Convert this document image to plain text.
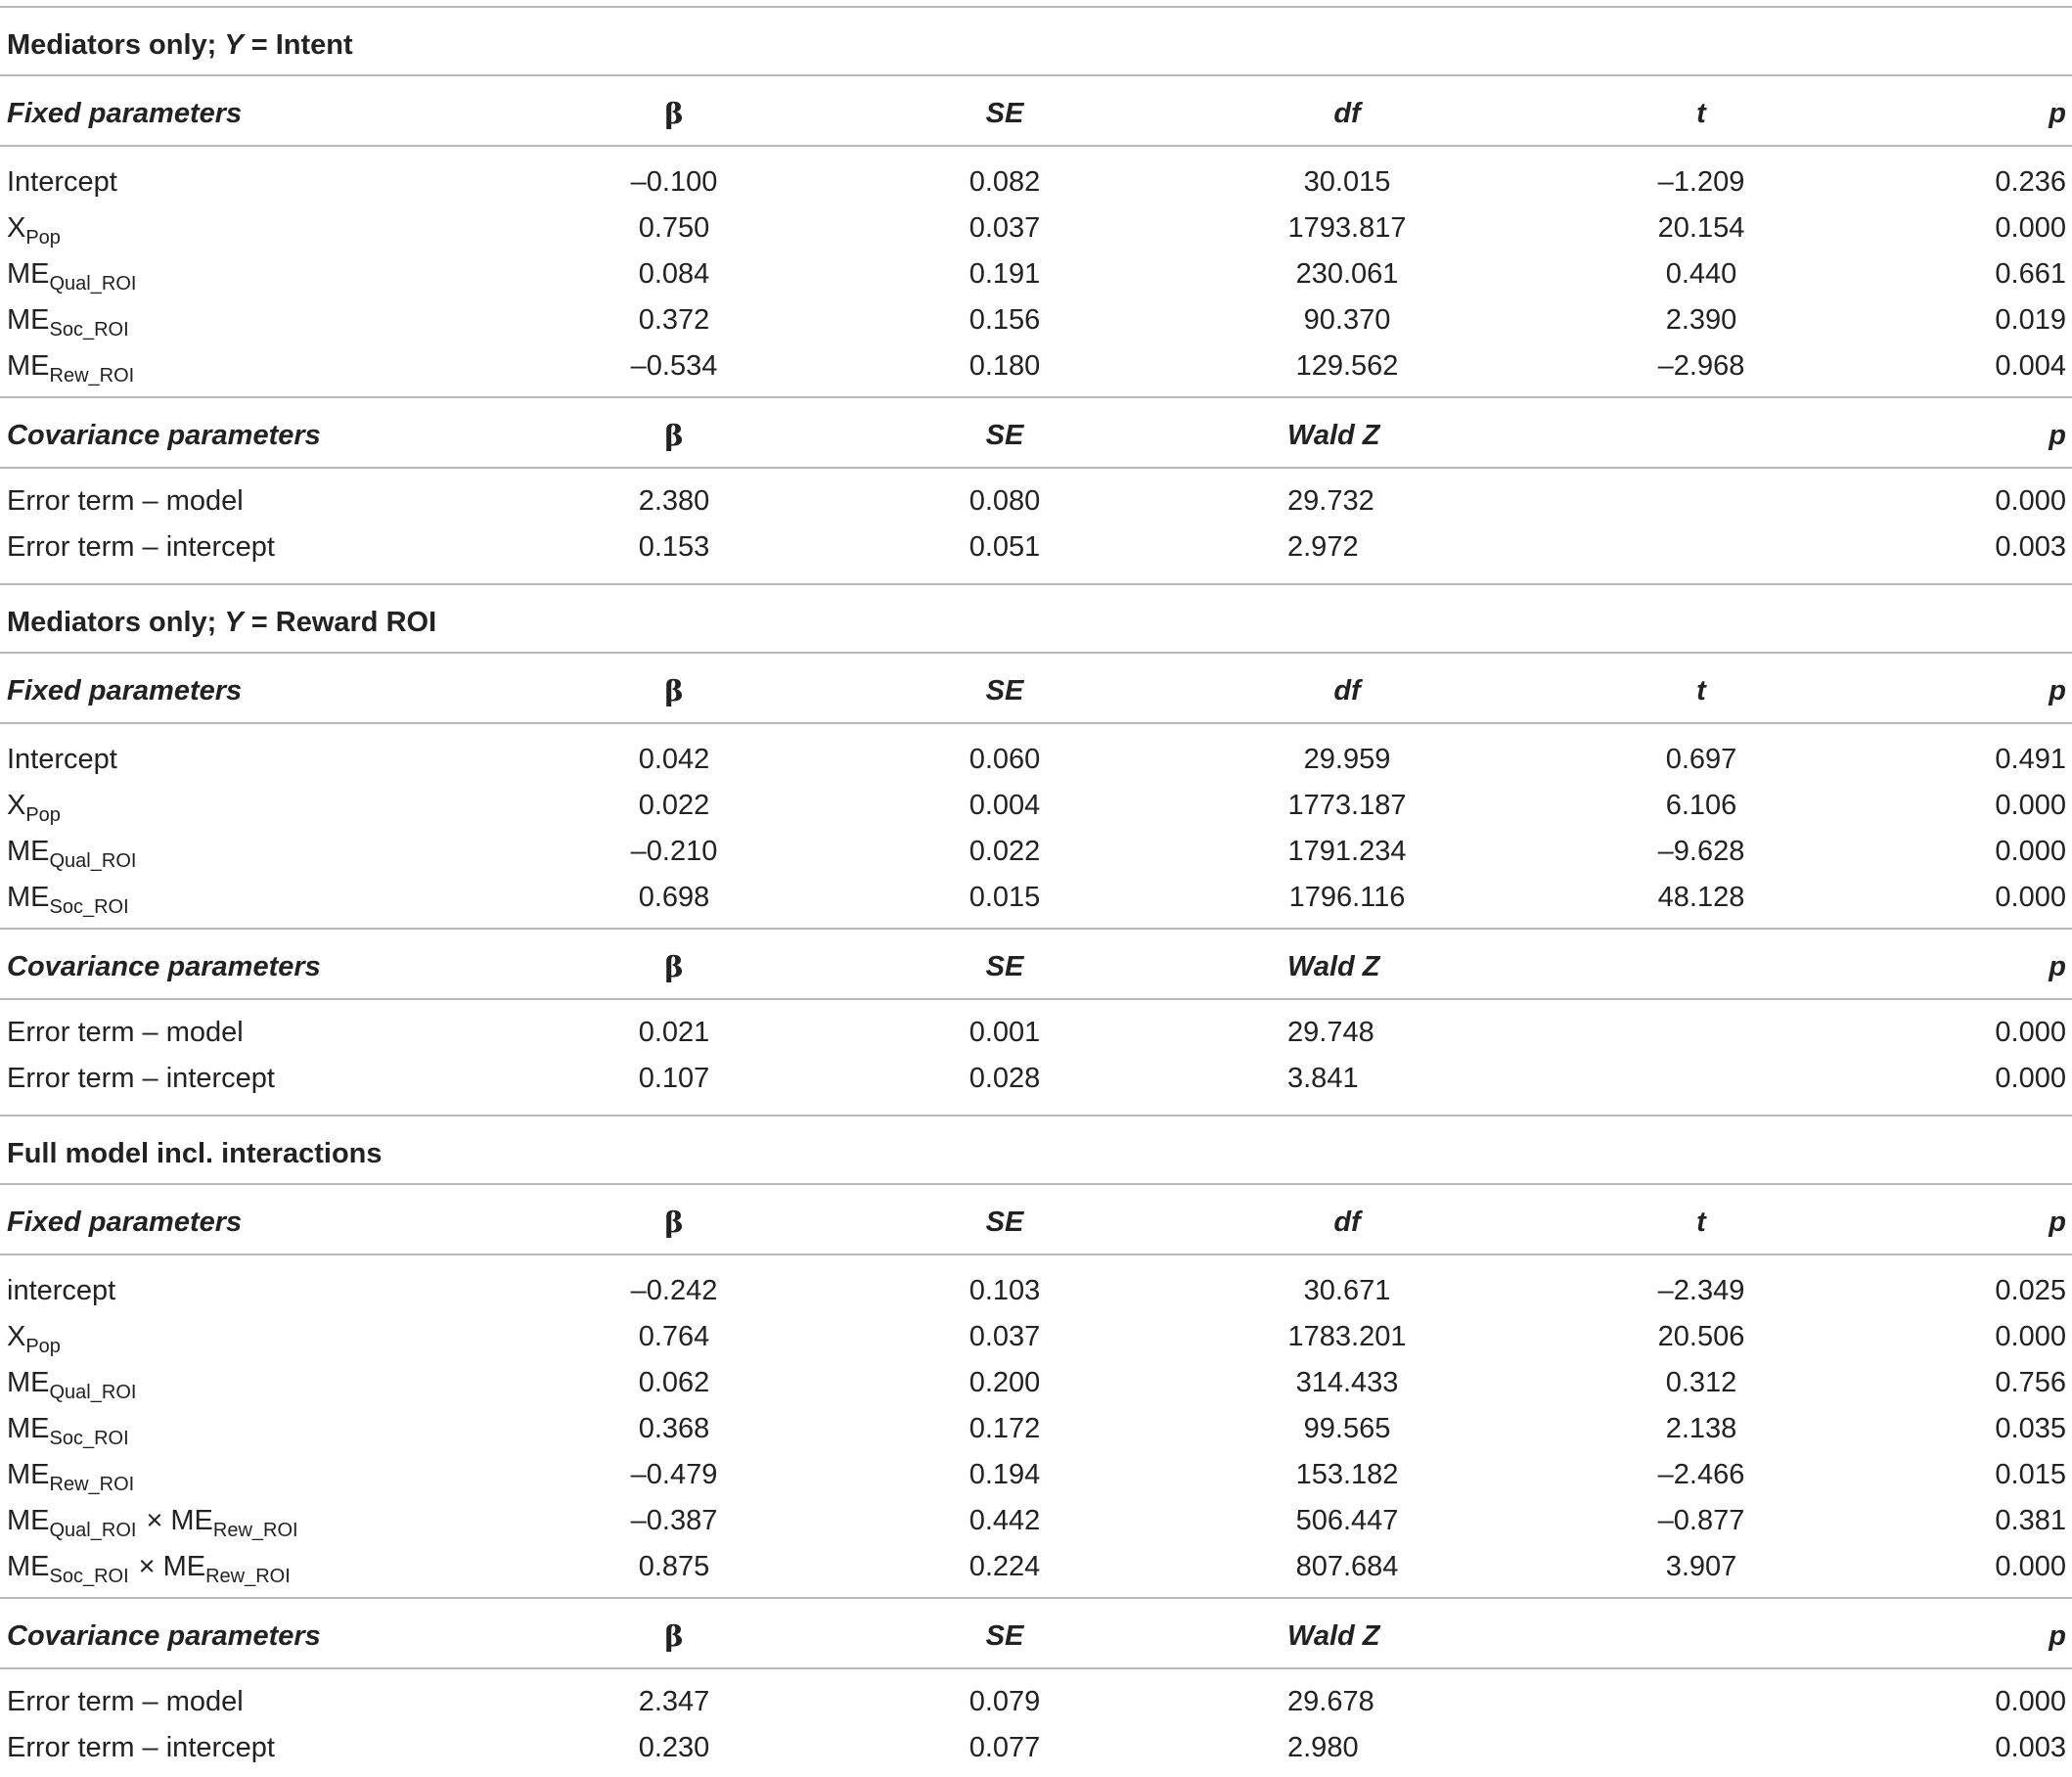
Mediators only; Y = Intent
Fixed parameters	β	SE	df	t	p
Intercept	–0.100	0.082	30.015	–1.209	0.236
$X_{Pop}$	0.750	0.037	1793.817	20.154	0.000
$ME_{Qual\_ROI}$	0.084	0.191	230.061	0.440	0.661
$ME_{Soc\_ROI}$	0.372	0.156	90.370	2.390	0.019
$ME_{Rew\_ROI}$	–0.534	0.180	129.562	–2.968	0.004
Covariance parameters	β	SE	Wald Z	p
Error term – model	2.380	0.080	29.732	0.000
Error term – intercept	0.153	0.051	2.972	0.003
Mediators only; Y = Reward ROI
Fixed parameters	β	SE	df	t	p
Intercept	0.042	0.060	29.959	0.697	0.491
$X_{Pop}$	0.022	0.004	1773.187	6.106	0.000
$ME_{Qual\_ROI}$	–0.210	0.022	1791.234	–9.628	0.000
$ME_{Soc\_ROI}$	0.698	0.015	1796.116	48.128	0.000
Covariance parameters	β	SE	Wald Z	p
Error term – model	0.021	0.001	29.748	0.000
Error term – intercept	0.107	0.028	3.841	0.000
Full model incl. interactions
Fixed parameters	β	SE	df	t	p
intercept	–0.242	0.103	30.671	–2.349	0.025
$X_{Pop}$	0.764	0.037	1783.201	20.506	0.000
$ME_{Qual\_ROI}$	0.062	0.200	314.433	0.312	0.756
$ME_{Soc\_ROI}$	0.368	0.172	99.565	2.138	0.035
$ME_{Rew\_ROI}$	–0.479	0.194	153.182	–2.466	0.015
$ME_{Qual\_ROI} \times ME_{Rew\_ROI}$	–0.387	0.442	506.447	–0.877	0.381
$ME_{Soc\_ROI} \times ME_{Rew\_ROI}$	0.875	0.224	807.684	3.907	0.000
Covariance parameters	β	SE	Wald Z	p
Error term – model	2.347	0.079	29.678	0.000
Error term – intercept	0.230	0.077	2.980	0.003
